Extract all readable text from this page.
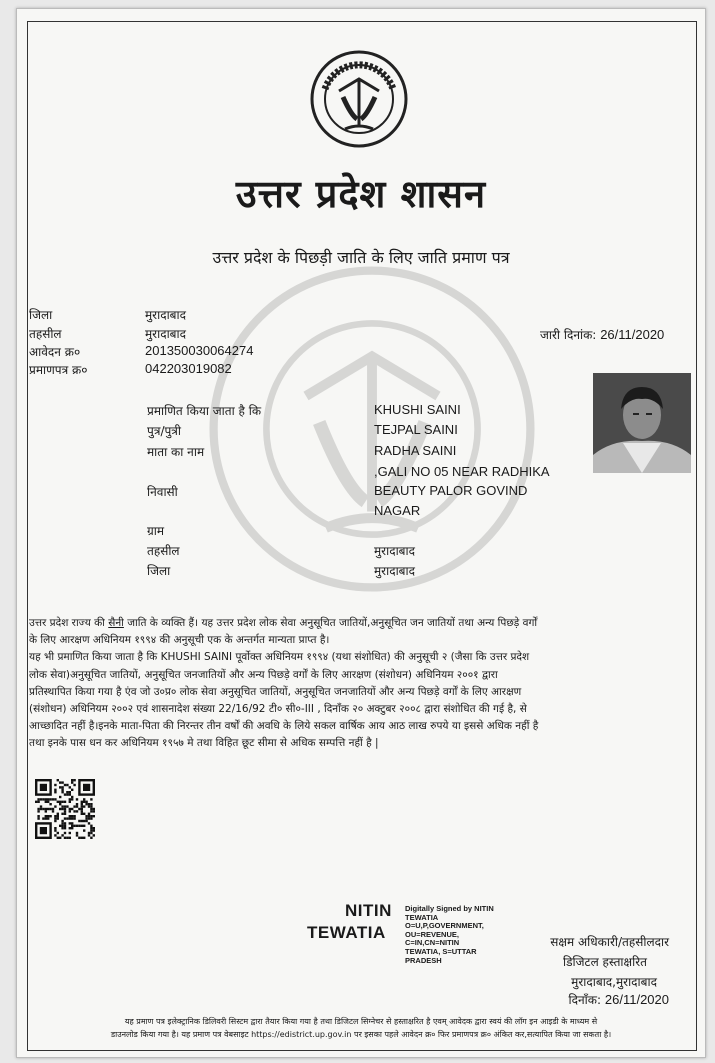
उत्तर प्रदेश शासन
उत्तर प्रदेश के पिछड़ी जाति के लिए जाति प्रमाण पत्र
जिला	मुरादाबाद
तहसील	मुरादाबाद
आवेदन क्र०	201350030064274
प्रमाणपत्र क्र०	042203019082
जारी दिनांक: 26/11/2020
प्रमाणित किया जाता है कि	KHUSHI SAINI
पुत्र/पुत्री	TEJPAL SAINI
माता का नाम	RADHA SAINI
निवासी
,GALI NO 05 NEAR RADHIKA
BEAUTY PALOR GOVIND
NAGAR
ग्राम
तहसील	मुरादाबाद
जिला	मुरादाबाद
उत्तर प्रदेश राज्य की सैनी जाति के व्यक्ति हैं। यह उत्तर प्रदेश लोक सेवा अनुसूचित जातियों,अनुसूचित जन जातियों तथा अन्य पिछड़े वर्गों
के लिए आरक्षण अधिनियम १९९४ की अनुसूची एक के अन्तर्गत मान्यता प्राप्त है।
यह भी प्रमाणित किया जाता है कि KHUSHI SAINI पूर्वोक्त अधिनियम १९९४ (यथा संशोधित) की अनुसूची २ (जैसा कि उत्तर प्रदेश
लोक सेवा)अनुसूचित जातियों, अनुसूचित जनजातियों और अन्य पिछड़े वर्गों के लिए आरक्षण (संशोधन) अधिनियम २००१ द्वारा
प्रतिस्थापित किया गया है एंव जो उ०प्र० लोक सेवा अनुसूचित जातियों, अनुसूचित जनजातियों और अन्य पिछड़े वर्गों के लिए आरक्षण
(संशोधन) अधिनियम २००२ एवं शासनादेश संख्या 22/16/92 टी० सी०-III , दिनाँक २० अक्टुबर २००८ द्वारा संशोधित की गई है, से
आच्छादित नहीं है।इनके माता-पिता की निरन्तर तीन वर्षों की अवधि के लिये सकल वार्षिक आय आठ लाख रुपये या इससे अधिक नहीं है
तथा इनके पास धन कर अधिनियम १९५७ मे तथा विहित छूट सीमा से अधिक सम्पत्ति नहीं है |
NITIN
TEWATIA
Digitally Signed by NITIN
TEWATIA
O=U,P,GOVERNMENT,
OU=REVENUE,
C=IN,CN=NITIN
TEWATIA, S=UTTAR
PRADESH
सक्षम अधिकारी/तहसीलदार
डिजिटल हस्ताक्षरित
मुरादाबाद,मुरादाबाद
दिनाँक: 26/11/2020
यह प्रमाण पत्र इलेक्ट्रानिक डिलिवरी सिस्टम द्वारा तैयार किया गया है तथा डिजिटल सिग्नेचर से हस्ताक्षरित है एवम् आवेदक द्वारा स्वयं की लॉग इन आइडी के माध्यम से
डाउनलोड किया गया है। यह प्रमाण पत्र वेबसाइट https://edistrict.up.gov.in पर इसका पहले आवेदन क्र० फिर प्रमाणपत्र क्र० अंकित कर,सत्यापित किया जा सकता है।
